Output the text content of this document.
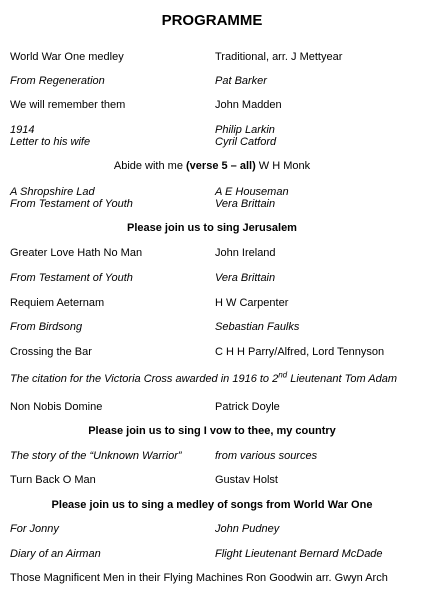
PROGRAMME
World War One medley	Traditional, arr. J Mettyear
From Regeneration	Pat Barker
We will remember them	John Madden
1914	Philip Larkin
Letter to his wife	Cyril Catford
Abide with me (verse 5 – all) W H Monk
A Shropshire Lad	A E Houseman
From Testament of Youth	Vera Brittain
Please join us to sing Jerusalem
Greater Love Hath No Man	John Ireland
From Testament of Youth	Vera Brittain
Requiem Aeternam	H W Carpenter
From Birdsong	Sebastian Faulks
Crossing the Bar	C H H Parry/Alfred, Lord Tennyson
The citation for the Victoria Cross awarded in 1916 to 2nd Lieutenant Tom Adam
Non Nobis Domine	Patrick Doyle
Please join us to sing I vow to thee, my country
The story of the “Unknown Warrior”	from various sources
Turn Back O Man	Gustav Holst
Please join us to sing a medley of songs from World War One
For Jonny	John Pudney
Diary of an Airman	Flight Lieutenant Bernard McDade
Those Magnificent Men in their Flying Machines Ron Goodwin arr. Gwyn Arch
